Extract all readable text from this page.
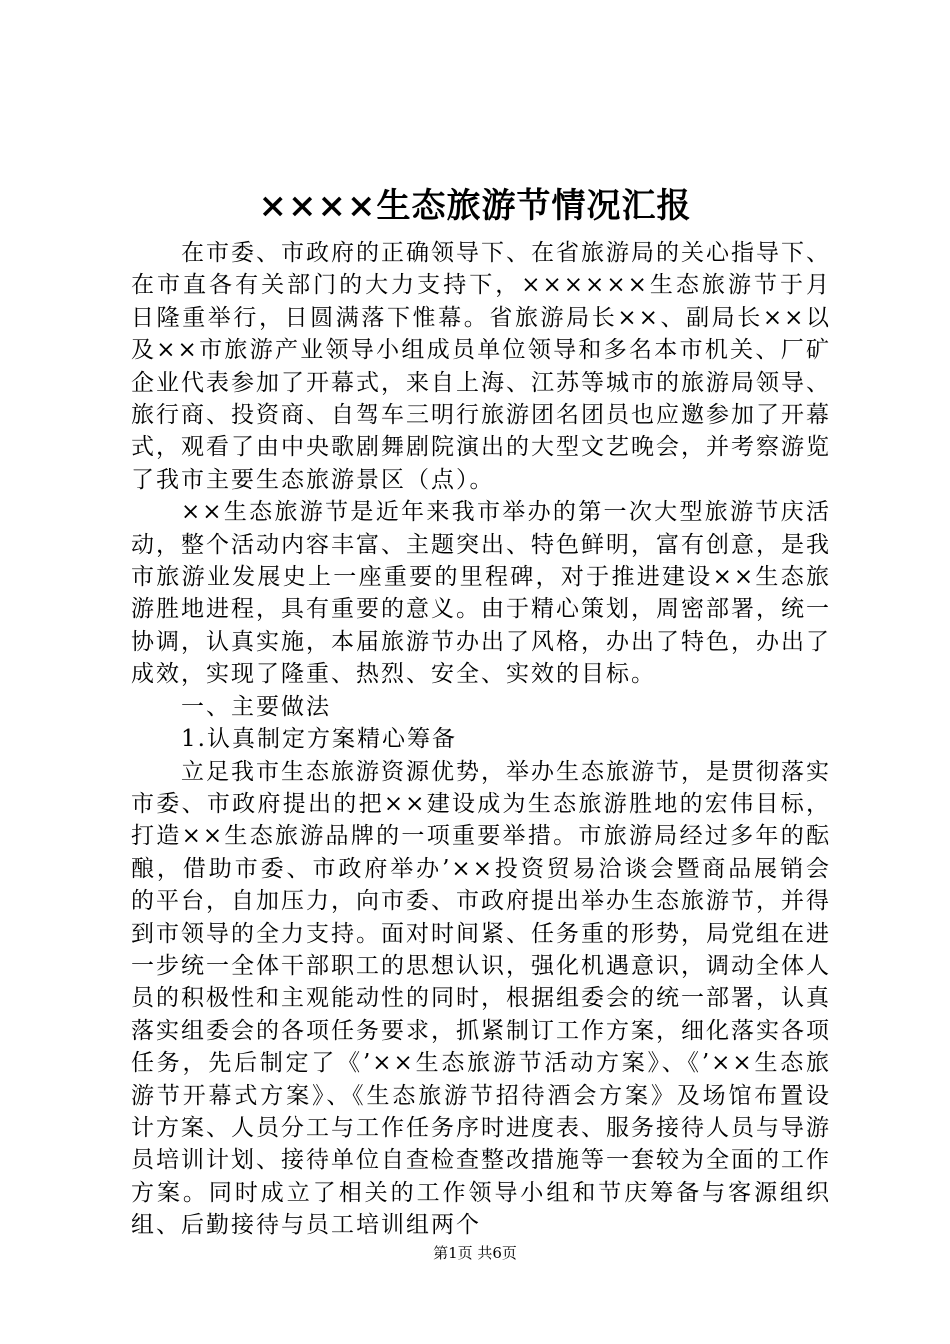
××××生态旅游节情况汇报

在市委、市政府的正确领导下、在省旅游局的关心指导下、在市直各有关部门的大力支持下，××××××生态旅游节于月日隆重举行，日圆满落下惟幕。省旅游局长××、副局长××以及××市旅游产业领导小组成员单位领导和多名本市机关、厂矿企业代表参加了开幕式，来自上海、江苏等城市的旅游局领导、旅行商、投资商、自驾车三明行旅游团名团员也应邀参加了开幕式，观看了由中央歌剧舞剧院演出的大型文艺晚会，并考察游览了我市主要生态旅游景区（点）。

××生态旅游节是近年来我市举办的第一次大型旅游节庆活动，整个活动内容丰富、主题突出、特色鲜明，富有创意，是我市旅游业发展史上一座重要的里程碑，对于推进建设××生态旅游胜地进程，具有重要的意义。由于精心策划，周密部署，统一协调，认真实施，本届旅游节办出了风格，办出了特色，办出了成效，实现了隆重、热烈、安全、实效的目标。

一、主要做法

1.认真制定方案精心筹备

立足我市生态旅游资源优势，举办生态旅游节，是贯彻落实市委、市政府提出的把××建设成为生态旅游胜地的宏伟目标，打造××生态旅游品牌的一项重要举措。市旅游局经过多年的酝酿，借助市委、市政府举办’××投资贸易洽谈会暨商品展销会的平台，自加压力，向市委、市政府提出举办生态旅游节，并得到市领导的全力支持。面对时间紧、任务重的形势，局党组在进一步统一全体干部职工的思想认识，强化机遇意识，调动全体人员的积极性和主观能动性的同时，根据组委会的统一部署，认真落实组委会的各项任务要求，抓紧制订工作方案，细化落实各项任务，先后制定了《’××生态旅游节活动方案》、《’××生态旅游节开幕式方案》、《生态旅游节招待酒会方案》及场馆布置设计方案、人员分工与工作任务序时进度表、服务接待人员与导游员培训计划、接待单位自查检查整改措施等一套较为全面的工作方案。同时成立了相关的工作领导小组和节庆筹备与客源组织组、后勤接待与员工培训组两个

第1页 共6页
